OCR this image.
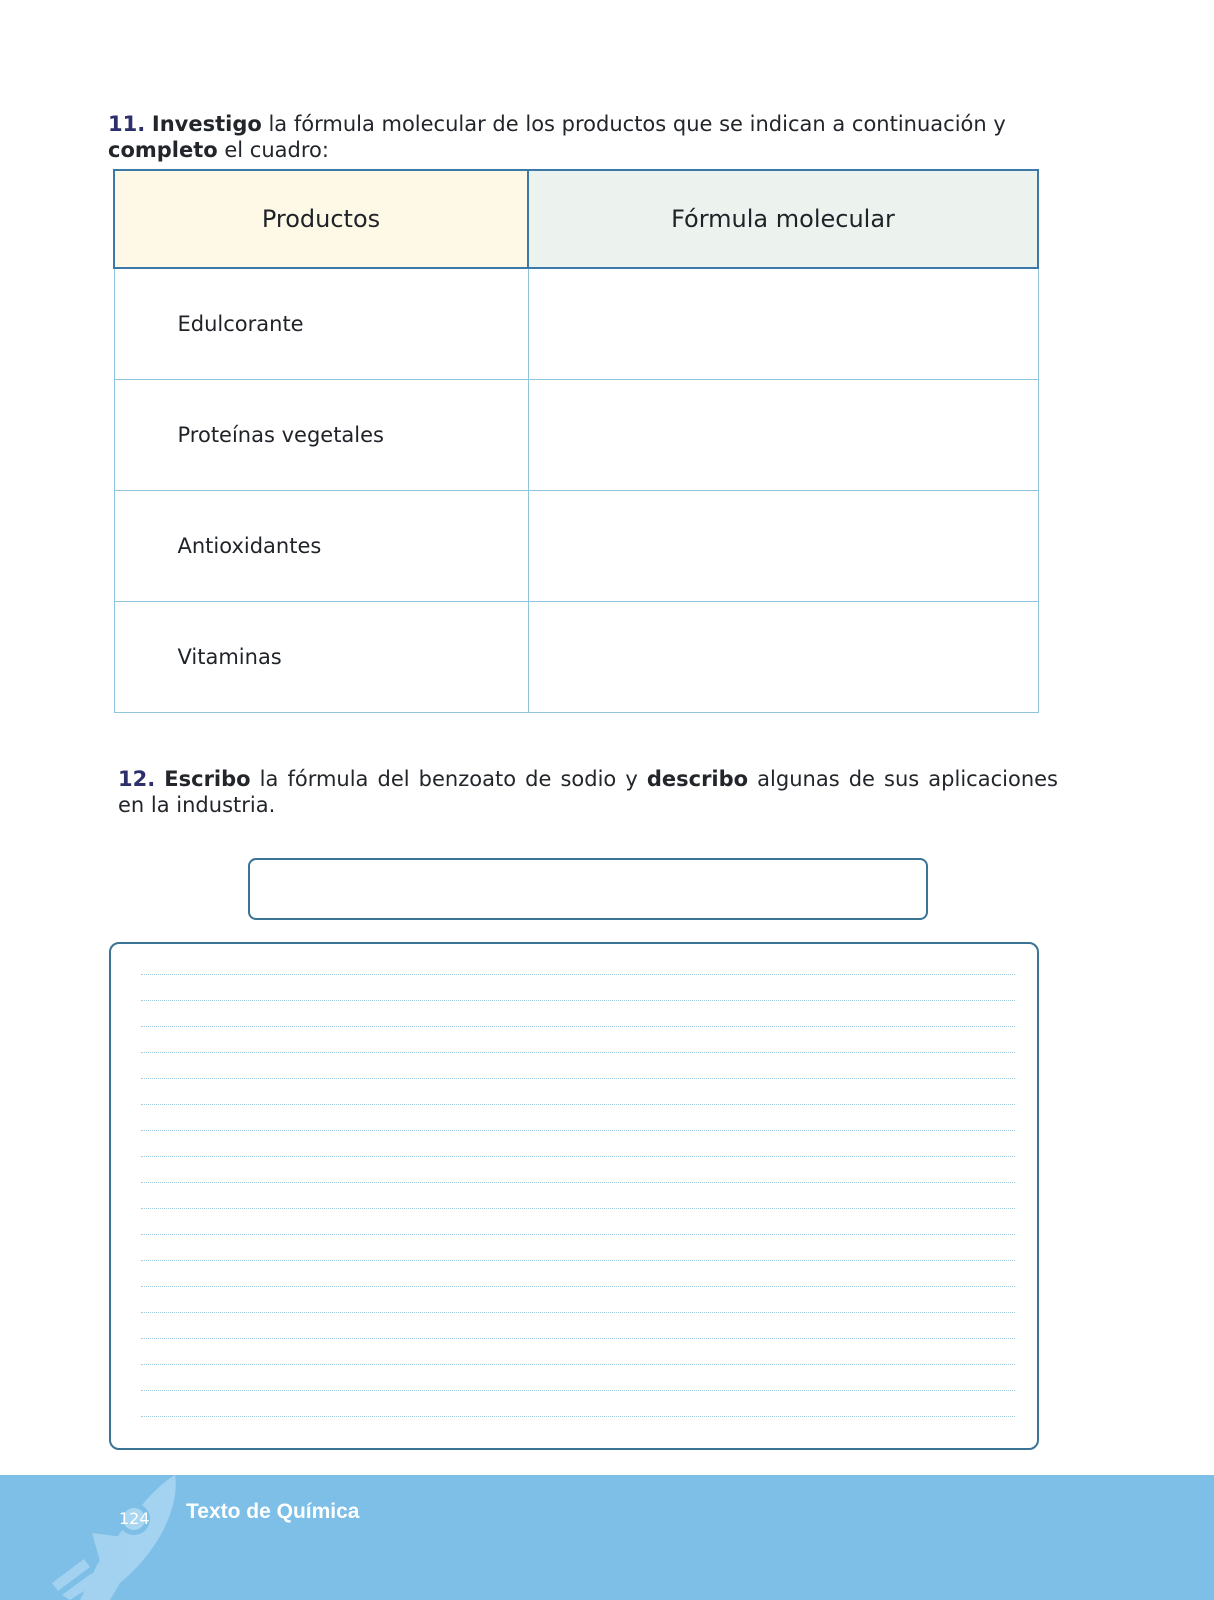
11. Investigo la fórmula molecular de los productos que se indican a continuación y completo el cuadro:
Productos	Fórmula molecular
Edulcorante	
Proteínas vegetales	
Antioxidantes	
Vitaminas	
12. Escribo la fórmula del benzoato de sodio y describo algunas de sus aplicaciones en la industria.
124 Texto de Química
